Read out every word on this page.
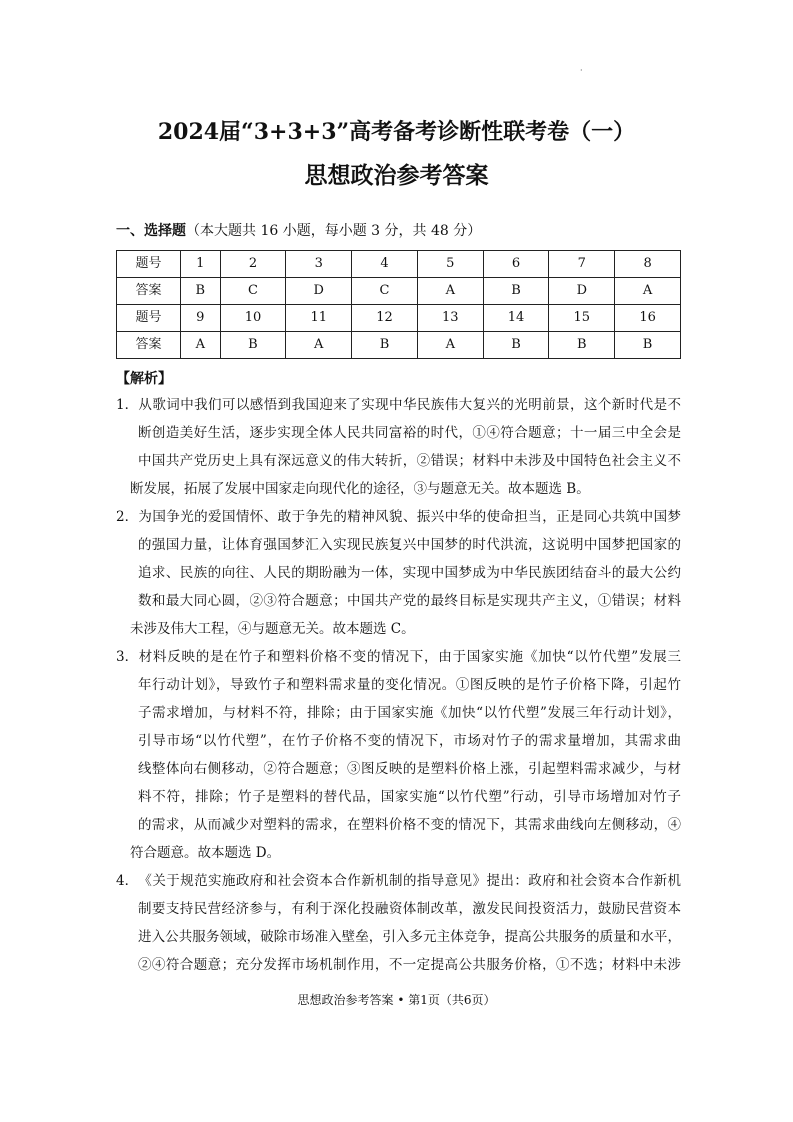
·
2024届“3+3+3”高考备考诊断性联考卷（一）
思想政治参考答案
一、选择题（本大题共 16 小题，每小题 3 分，共 48 分）
题号	1	2	3	4	5	6	7	8
答案	B	C	D	C	A	B	D	A
题号	9	10	11	12	13	14	15	16
答案	A	B	A	B	A	B	B	B
【解析】
1．从歌词中我们可以感悟到我国迎来了实现中华民族伟大复兴的光明前景，这个新时代是不
断创造美好生活，逐步实现全体人民共同富裕的时代，①④符合题意；十一届三中全会是
中国共产党历史上具有深远意义的伟大转折，②错误；材料中未涉及中国特色社会主义不
断发展，拓展了发展中国家走向现代化的途径，③与题意无关。故本题选 B。
2．为国争光的爱国情怀、敢于争先的精神风貌、振兴中华的使命担当，正是同心共筑中国梦
的强国力量，让体育强国梦汇入实现民族复兴中国梦的时代洪流，这说明中国梦把国家的
追求、民族的向往、人民的期盼融为一体，实现中国梦成为中华民族团结奋斗的最大公约
数和最大同心圆，②③符合题意；中国共产党的最终目标是实现共产主义，①错误；材料
未涉及伟大工程，④与题意无关。故本题选 C。
3．材料反映的是在竹子和塑料价格不变的情况下，由于国家实施《加快“以竹代塑”发展三
年行动计划》，导致竹子和塑料需求量的变化情况。①图反映的是竹子价格下降，引起竹
子需求增加，与材料不符，排除；由于国家实施《加快“以竹代塑”发展三年行动计划》，
引导市场“以竹代塑”，在竹子价格不变的情况下，市场对竹子的需求量增加，其需求曲
线整体向右侧移动，②符合题意；③图反映的是塑料价格上涨，引起塑料需求减少，与材
料不符，排除；竹子是塑料的替代品，国家实施“以竹代塑”行动，引导市场增加对竹子
的需求，从而减少对塑料的需求，在塑料价格不变的情况下，其需求曲线向左侧移动，④
符合题意。故本题选 D。
4．《关于规范实施政府和社会资本合作新机制的指导意见》提出：政府和社会资本合作新机
制要支持民营经济参与，有利于深化投融资体制改革，激发民间投资活力，鼓励民营资本
进入公共服务领域，破除市场准入壁垒，引入多元主体竞争，提高公共服务的质量和水平，
②④符合题意；充分发挥市场机制作用，不一定提高公共服务价格，①不选；材料中未涉
思想政治参考答案 • 第1页（共6页）
